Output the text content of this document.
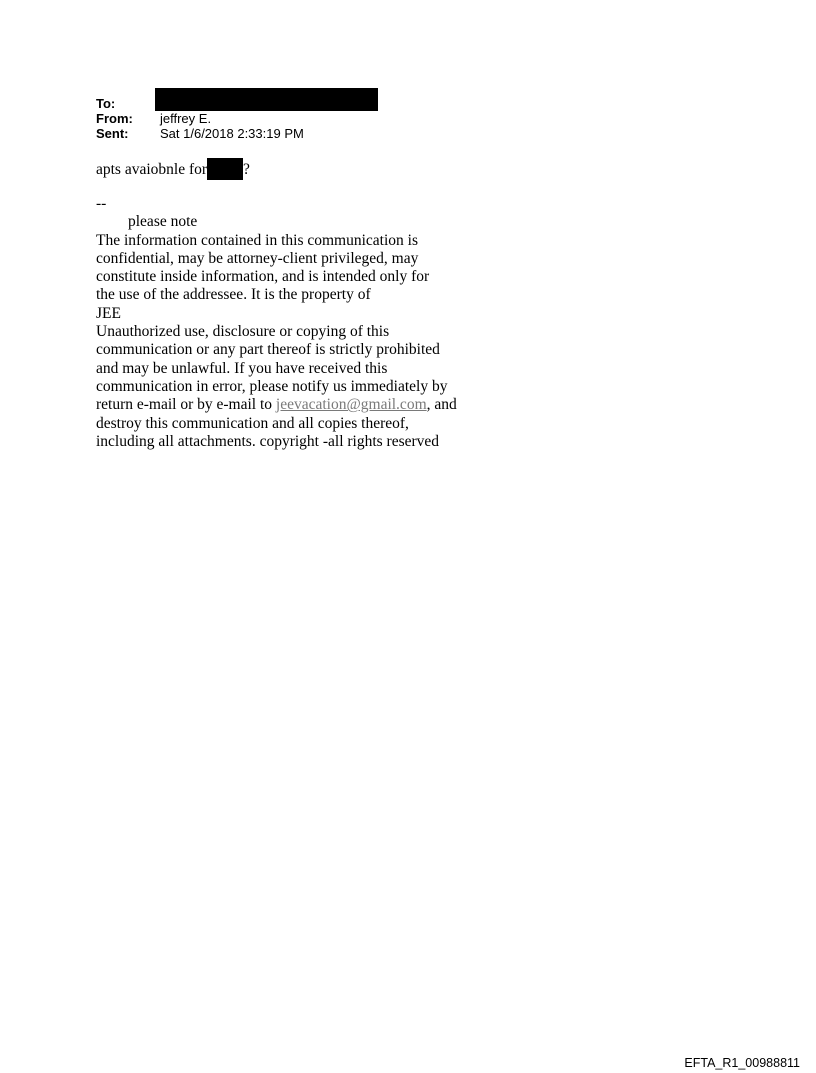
To:
From:	jeffrey E.
Sent:	Sat 1/6/2018 2:33:19 PM
apts avaiobnle for ?
--
please note
The information contained in this communication is
confidential, may be attorney-client privileged, may
constitute inside information, and is intended only for
the use of the addressee. It is the property of
JEE
Unauthorized use, disclosure or copying of this
communication or any part thereof is strictly prohibited
and may be unlawful. If you have received this
communication in error, please notify us immediately by
return e-mail or by e-mail to jeevacation@gmail.com, and
destroy this communication and all copies thereof,
including all attachments. copyright -all rights reserved
EFTA_R1_00988811
